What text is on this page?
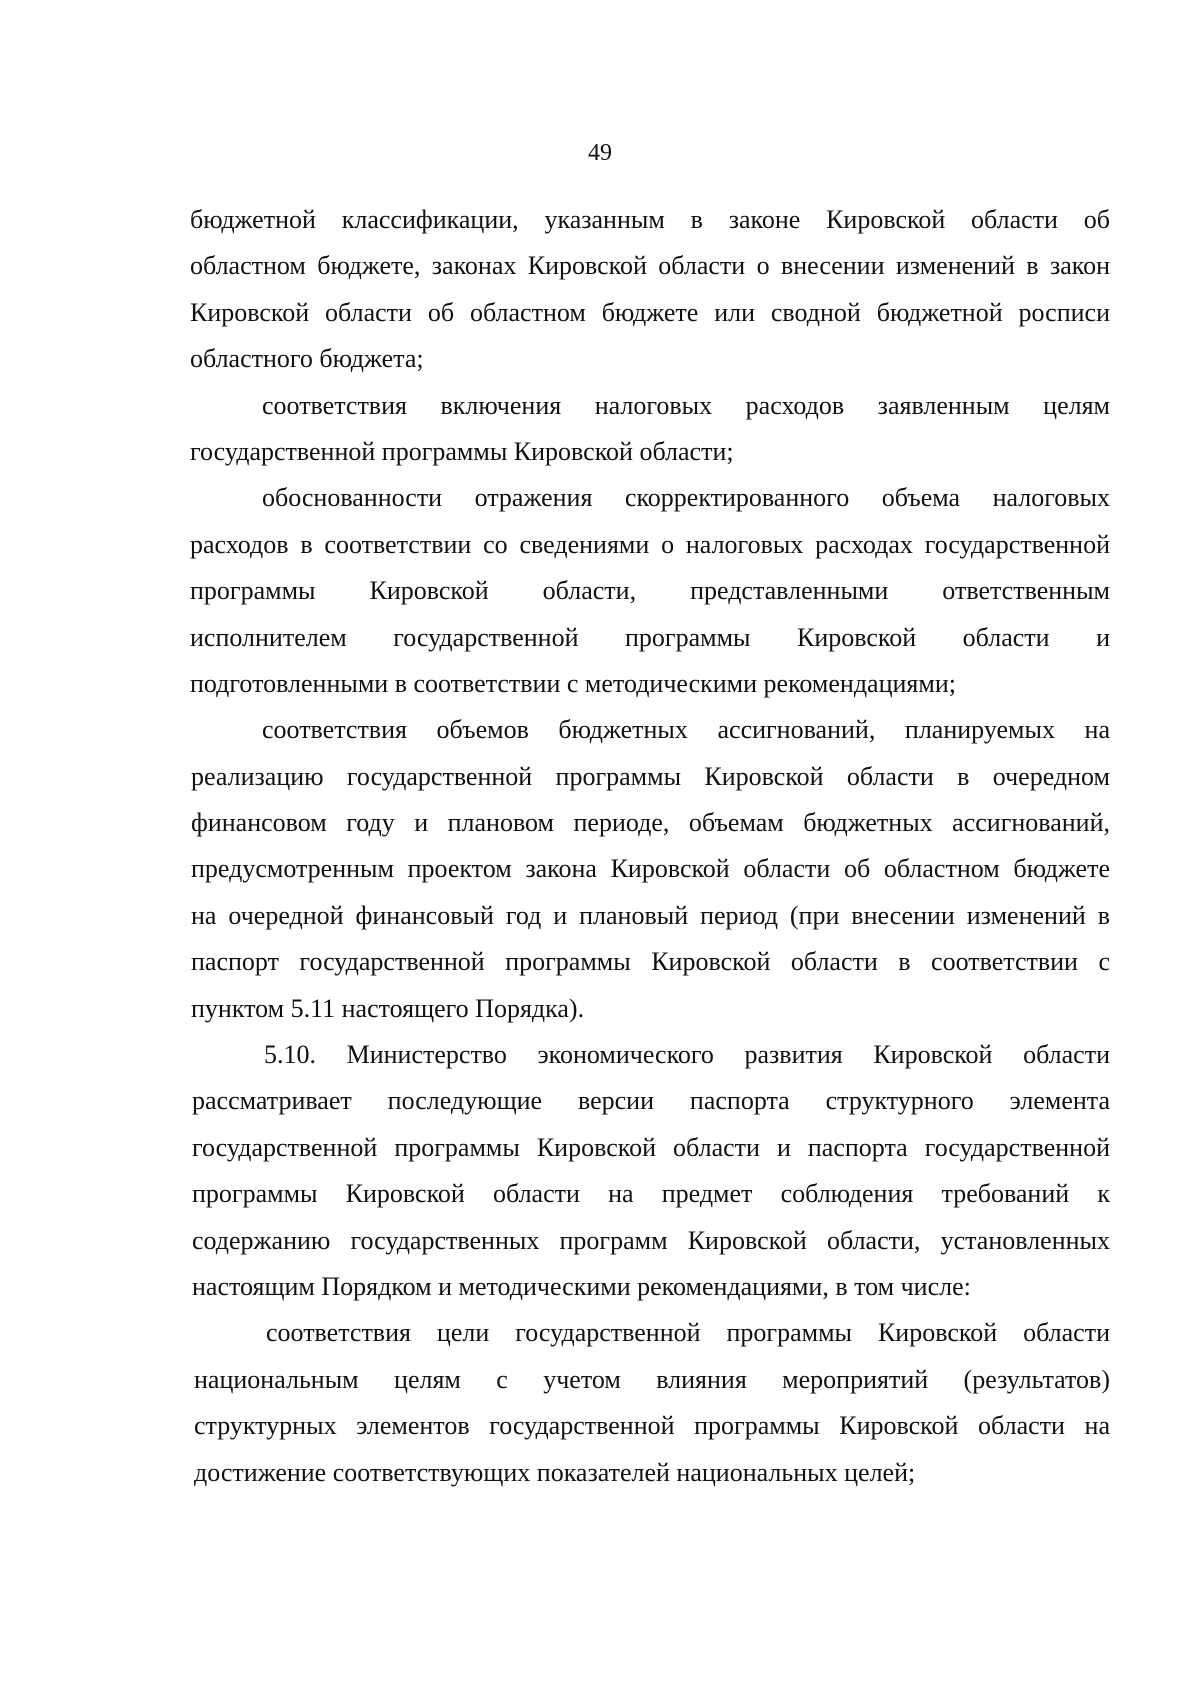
49

бюджетной классификации, указанным в законе Кировской области об
областном бюджете, законах Кировской области о внесении изменений в закон
Кировской области об областном бюджете или сводной бюджетной росписи
областного бюджета;

соответствия включения налоговых расходов заявленным целям
государственной программы Кировской области;

обоснованности отражения скорректированного объема налоговых
расходов в соответствии со сведениями о налоговых расходах государственной
программы Кировской области, представленными ответственным
исполнителем государственной программы Кировской области и
подготовленными в соответствии с методическими рекомендациями;

соответствия объемов бюджетных ассигнований, планируемых на
реализацию государственной программы Кировской области в очередном
финансовом году и плановом периоде, объемам бюджетных ассигнований,
предусмотренным проектом закона Кировской области об областном бюджете
на очередной финансовый год и плановый период (при внесении изменений в
паспорт государственной программы Кировской области в соответствии с
пунктом 5.11 настоящего Порядка).

5.10. Министерство экономического развития Кировской области
рассматривает последующие версии паспорта структурного элемента
государственной программы Кировской области и паспорта государственной
программы Кировской области на предмет соблюдения требований к
содержанию государственных программ Кировской области, установленных
настоящим Порядком и методическими рекомендациями, в том числе:

соответствия цели государственной программы Кировской области
национальным целям с учетом влияния мероприятий (результатов)
структурных элементов государственной программы Кировской области на
достижение соответствующих показателей национальных целей;
